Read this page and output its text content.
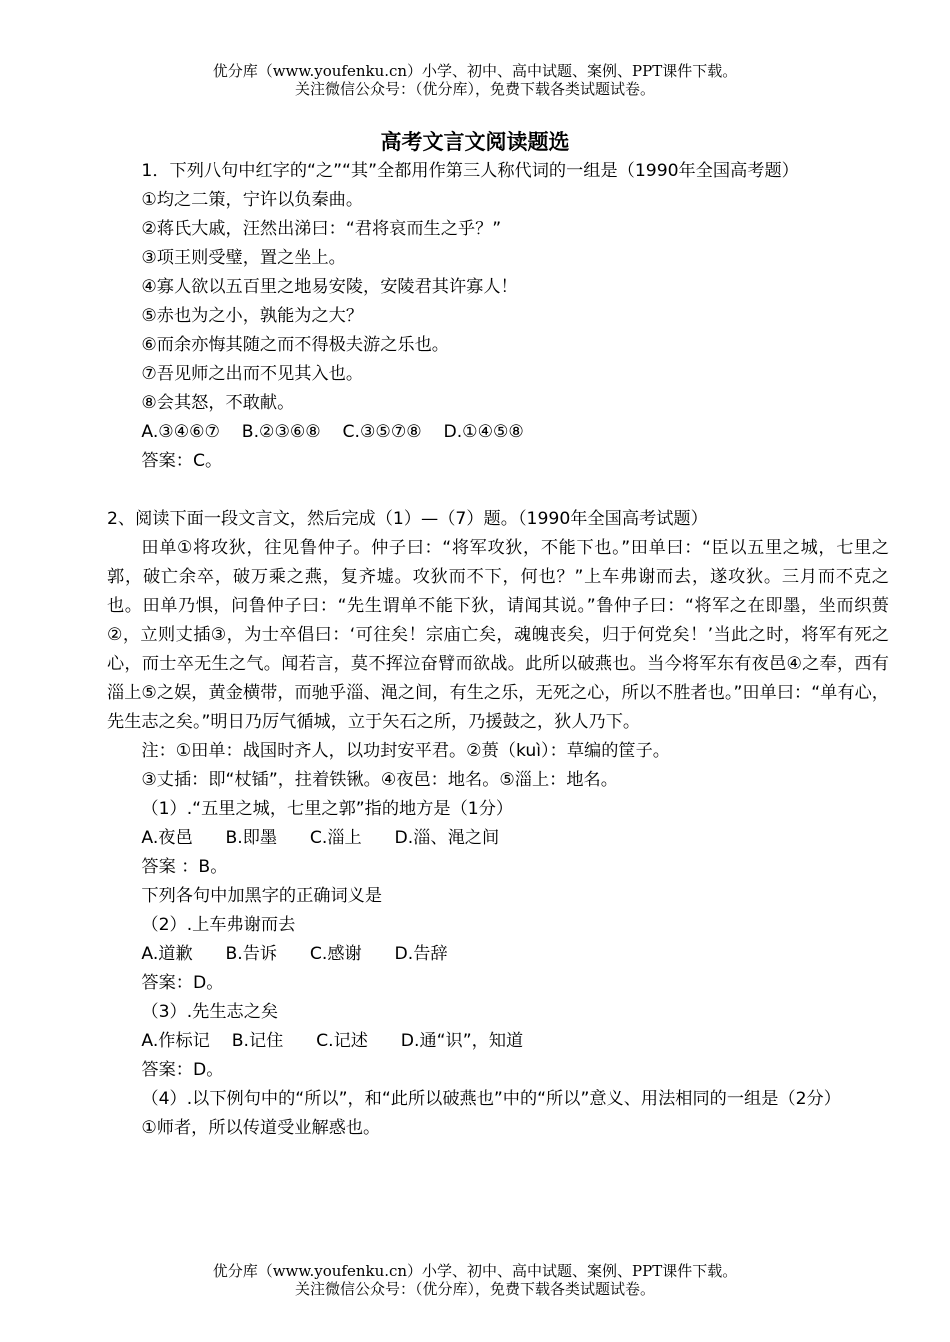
优分库（www.youfenku.cn）小学、初中、高中试题、案例、PPT课件下载。
关注微信公众号：（优分库），免费下载各类试题试卷。
高考文言文阅读题选

1．下列八句中红字的“之”“其”全都用作第三人称代词的一组是（1990年全国高考题）

①均之二策，宁许以负秦曲。

②蒋氏大戚，汪然出涕曰：“君将哀而生之乎？”

③项王则受璧，置之坐上。

④寡人欲以五百里之地易安陵，安陵君其许寡人！

⑤赤也为之小，孰能为之大？

⑥而余亦悔其随之而不得极夫游之乐也。

⑦吾见师之出而不见其入也。

⑧会其怒，不敢献。

A.③④⑥⑦    B.②③⑥⑧    C.③⑤⑦⑧    D.①④⑤⑧

答案：C。

2、阅读下面一段文言文，然后完成（1）—（7）题。（1990年全国高考试题）

田单①将攻狄，往见鲁仲子。仲子曰：“将军攻狄，不能下也。”田单曰：“臣以五里之城，七里之郭，破亡余卒，破万乘之燕，复齐墟。攻狄而不下，何也？”上车弗谢而去，遂攻狄。三月而不克之也。田单乃惧，问鲁仲子曰：“先生谓单不能下狄，请闻其说。”鲁仲子曰：“将军之在即墨，坐而织蒉②，立则丈插③，为士卒倡曰：‘可往矣！宗庙亡矣，魂魄丧矣，归于何党矣！’当此之时，将军有死之心，而士卒无生之气。闻若言，莫不挥泣奋臂而欲战。此所以破燕也。当今将军东有夜邑④之奉，西有淄上⑤之娱，黄金横带，而驰乎淄、渑之间，有生之乐，无死之心，所以不胜者也。”田单曰：“单有心，先生志之矣。”明日乃厉气循城，立于矢石之所，乃援鼓之，狄人乃下。

注：①田单：战国时齐人，以功封安平君。②蒉（kuì）：草编的筐子。

③丈插：即“杖锸”，拄着铁锹。④夜邑：地名。⑤淄上：地名。

（1）.“五里之城，七里之郭”指的地方是（1分）

A.夜邑      B.即墨      C.淄上      D.淄、渑之间

答案 ：B。

下列各句中加黑字的正确词义是

（2）.上车弗谢而去

A.道歉      B.告诉      C.感谢      D.告辞

答案：D。

（3）.先生志之矣

A.作标记    B.记住      C.记述      D.通“识”，知道

答案：D。

（4）.以下例句中的“所以”，和“此所以破燕也”中的“所以”意义、用法相同的一组是（2分）

①师者，所以传道受业解惑也。

优分库（www.youfenku.cn）小学、初中、高中试题、案例、PPT课件下载。
关注微信公众号：（优分库），免费下载各类试题试卷。
